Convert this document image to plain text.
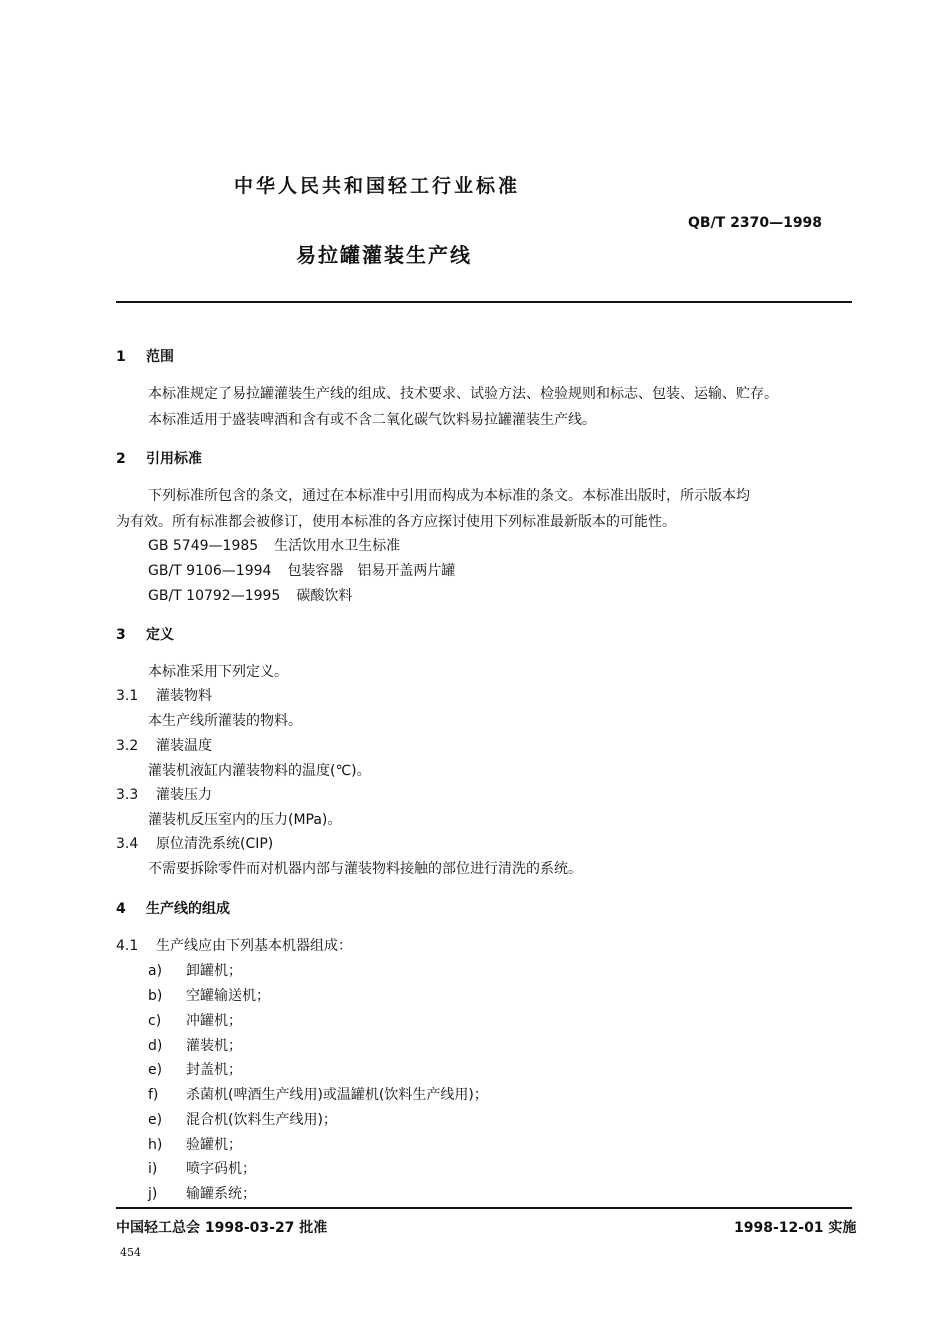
中华人民共和国轻工行业标准
QB/T 2370—1998
易拉罐灌装生产线
1 范围
本标准规定了易拉罐灌装生产线的组成、技术要求、试验方法、检验规则和标志、包装、运输、贮存。
本标准适用于盛装啤酒和含有或不含二氧化碳气饮料易拉罐灌装生产线。
2 引用标准
下列标准所包含的条文，通过在本标准中引用而构成为本标准的条文。本标准出版时，所示版本均
为有效。所有标准都会被修订，使用本标准的各方应探讨使用下列标准最新版本的可能性。
GB 5749—1985 生活饮用水卫生标准
GB/T 9106—1994 包装容器　铝易开盖两片罐
GB/T 10792—1995 碳酸饮料
3 定义
本标准采用下列定义。
3.1 灌装物料
本生产线所灌装的物料。
3.2 灌装温度
灌装机液缸内灌装物料的温度(℃)。
3.3 灌装压力
灌装机反压室内的压力(MPa)。
3.4 原位清洗系统(CIP)
不需要拆除零件而对机器内部与灌装物料接触的部位进行清洗的系统。
4 生产线的组成
4.1 生产线应由下列基本机器组成：
a) 卸罐机；
b) 空罐输送机；
c) 冲罐机；
d) 灌装机；
e) 封盖机；
f) 杀菌机(啤酒生产线用)或温罐机(饮料生产线用)；
e) 混合机(饮料生产线用)；
h) 验罐机；
i) 喷字码机；
j) 输罐系统；
中国轻工总会 1998-03-27 批准	1998-12-01 实施
454
